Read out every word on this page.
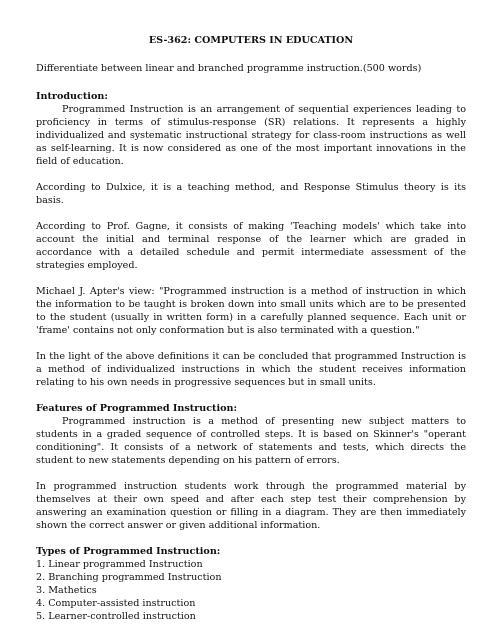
ES-362: COMPUTERS IN EDUCATION
Differentiate between linear and branched programme instruction.(500 words)
Introduction:

Programmed Instruction is an arrangement of sequential experiences leading to proficiency in terms of stimulus-response (SR) relations. It represents a highly individualized and systematic instructional strategy for class-room instructions as well as self-learning. It is now considered as one of the most important innovations in the field of education.

According to Dulxice, it is a teaching method, and Response Stimulus theory is its basis.

According to Prof. Gagne, it consists of making 'Teaching models' which take into account the initial and terminal response of the learner which are graded in accordance with a detailed schedule and permit intermediate assessment of the strategies employed.

Michael J. Apter's view: "Programmed instruction is a method of instruction in which the information to be taught is broken down into small units which are to be presented to the student (usually in written form) in a carefully planned sequence. Each unit or 'frame' contains not only conformation but is also terminated with a question."

In the light of the above definitions it can be concluded that programmed Instruction is a method of individualized instructions in which the student receives information relating to his own needs in progressive sequences but in small units.

Features of Programmed Instruction:

Programmed instruction is a method of presenting new subject matters to students in a graded sequence of controlled steps. It is based on Skinner's "operant conditioning". It consists of a network of statements and tests, which directs the student to new statements depending on his pattern of errors.

In programmed instruction students work through the programmed material by themselves at their own speed and after each step test their comprehension by answering an examination question or filling in a diagram. They are then immediately shown the correct answer or given additional information.

Types of Programmed Instruction:
1. Linear programmed Instruction
2. Branching programmed Instruction
3. Mathetics
4. Computer-assisted instruction
5. Learner-controlled instruction
